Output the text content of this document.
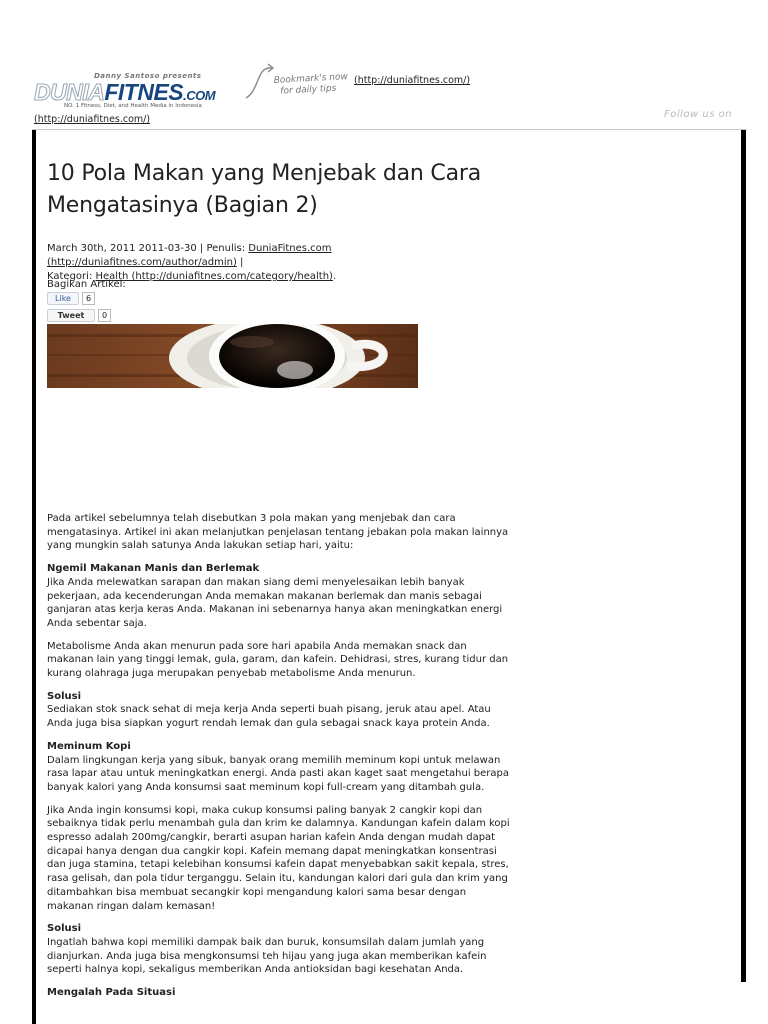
Danny Santoso presents
DUNIAFITNES.COM
NO. 1 Fitness, Diet, and Health Media in Indonesia
Bookmark's now
for daily tips
(http://duniafitnes.com/)
(http://duniafitnes.com/)	Follow us on
10 Pola Makan yang Menjebak dan Cara Mengatasinya (Bagian 2)
March 30th, 2011 2011-03-30 | Penulis: DuniaFitnes.com (http://duniafitnes.com/author/admin) |
Kategori: Health (http://duniafitnes.com/category/health).
Bagikan Artikel:
Like	6
Tweet	0

Pada artikel sebelumnya telah disebutkan 3 pola makan yang menjebak dan cara mengatasinya. Artikel ini akan melanjutkan penjelasan tentang jebakan pola makan lainnya yang mungkin salah satunya Anda lakukan setiap hari, yaitu:

Ngemil Makanan Manis dan Berlemak
Jika Anda melewatkan sarapan dan makan siang demi menyelesaikan lebih banyak pekerjaan, ada kecenderungan Anda memakan makanan berlemak dan manis sebagai ganjaran atas kerja keras Anda. Makanan ini sebenarnya hanya akan meningkatkan energi Anda sebentar saja.

Metabolisme Anda akan menurun pada sore hari apabila Anda memakan snack dan makanan lain yang tinggi lemak, gula, garam, dan kafein. Dehidrasi, stres, kurang tidur dan kurang olahraga juga merupakan penyebab metabolisme Anda menurun.

Solusi
Sediakan stok snack sehat di meja kerja Anda seperti buah pisang, jeruk atau apel. Atau Anda juga bisa siapkan yogurt rendah lemak dan gula sebagai snack kaya protein Anda.

Meminum Kopi
Dalam lingkungan kerja yang sibuk, banyak orang memilih meminum kopi untuk melawan rasa lapar atau untuk meningkatkan energi. Anda pasti akan kaget saat mengetahui berapa banyak kalori yang Anda konsumsi saat meminum kopi full-cream yang ditambah gula.

Jika Anda ingin konsumsi kopi, maka cukup konsumsi paling banyak 2 cangkir kopi dan sebaiknya tidak perlu menambah gula dan krim ke dalamnya. Kandungan kafein dalam kopi espresso adalah 200mg/cangkir, berarti asupan harian kafein Anda dengan mudah dapat dicapai hanya dengan dua cangkir kopi. Kafein memang dapat meningkatkan konsentrasi dan juga stamina, tetapi kelebihan konsumsi kafein dapat menyebabkan sakit kepala, stres, rasa gelisah, dan pola tidur terganggu. Selain itu, kandungan kalori dari gula dan krim yang ditambahkan bisa membuat secangkir kopi mengandung kalori sama besar dengan makanan ringan dalam kemasan!

Solusi
Ingatlah bahwa kopi memiliki dampak baik dan buruk, konsumsilah dalam jumlah yang dianjurkan. Anda juga bisa mengkonsumsi teh hijau yang juga akan memberikan kafein seperti halnya kopi, sekaligus memberikan Anda antioksidan bagi kesehatan Anda.

Mengalah Pada Situasi
